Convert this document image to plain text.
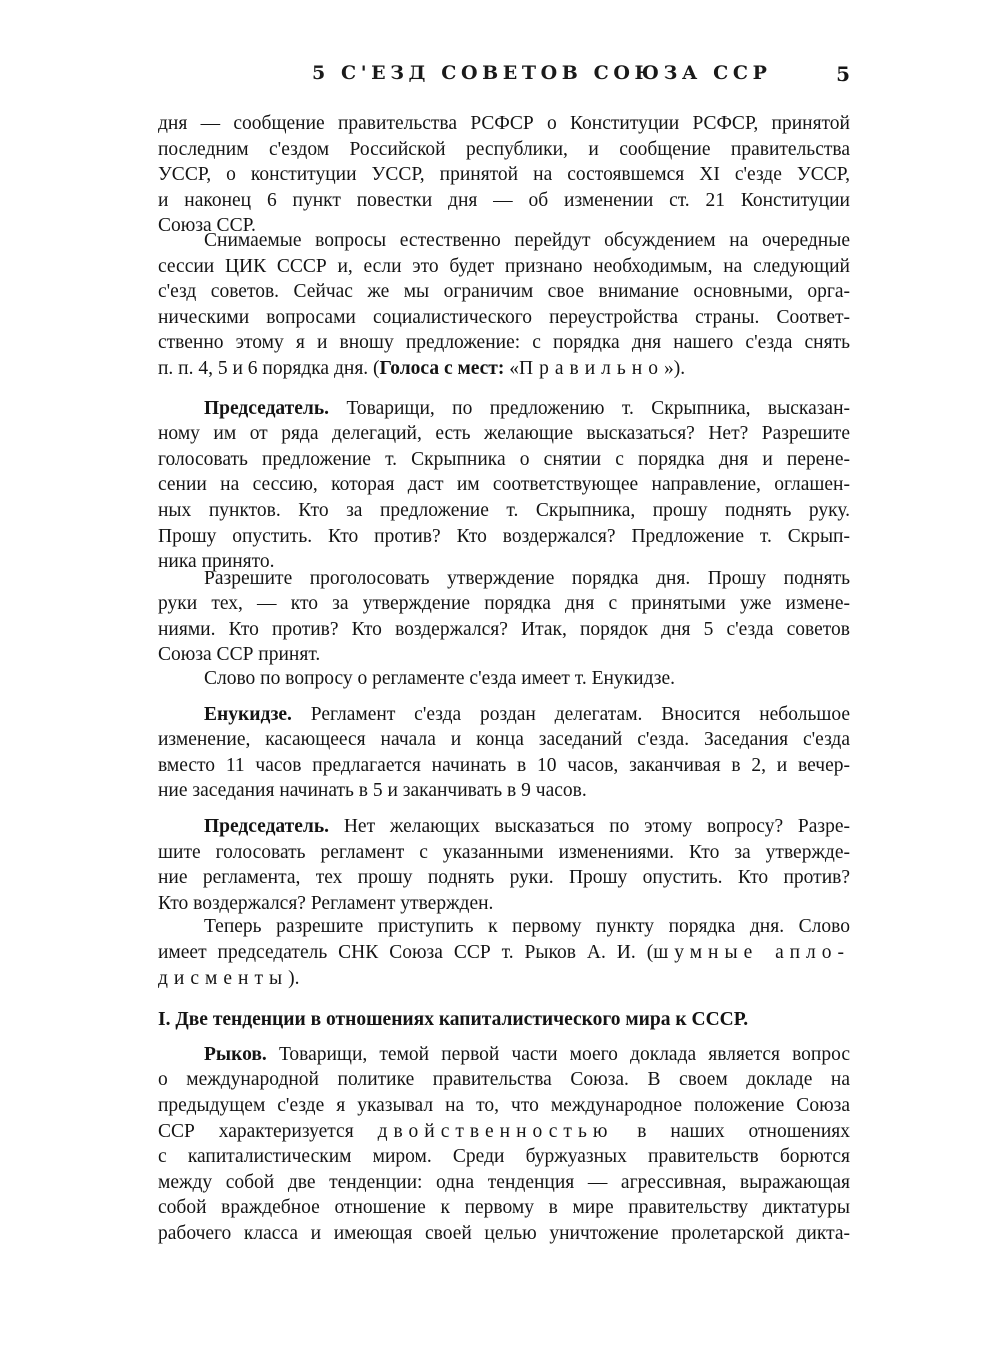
5 С'ЕЗД СОВЕТОВ СОЮЗА ССР	5
дня — сообщение правительства РСФСР о Конституции РСФСР, принятой
последним с'ездом Российской республики, и сообщение правительства
УССР, о конституции УССР, принятой на состоявшемся XI с'езде УССР,
и наконец 6 пункт повестки дня — об изменении ст. 21 Конституции
Союза ССР.
Снимаемые вопросы естественно перейдут обсуждением на очередные
сессии ЦИК СССР и, если это будет признано необходимым, на следующий
с'езд советов. Сейчас же мы ограничим свое внимание основными, орга-
ническими вопросами социалистического переустройства страны. Соответ-
ственно этому я и вношу предложение: с порядка дня нашего с'езда снять
п. п. 4, 5 и 6 порядка дня. (Голоса с мест: «Правильно»).
Председатель. Товарищи, по предложению т. Скрыпника, высказан-
ному им от ряда делегаций, есть желающие высказаться? Нет? Разрешите
голосовать предложение т. Скрыпника о снятии с порядка дня и перене-
сении на сессию, которая даст им соответствующее направление, оглашен-
ных пунктов. Кто за предложение т. Скрыпника, прошу поднять руку.
Прошу опустить. Кто против? Кто воздержался? Предложение т. Скрып-
ника принято.
Разрешите проголосовать утверждение порядка дня. Прошу поднять
руки тех, — кто за утверждение порядка дня с принятыми уже измене-
ниями. Кто против? Кто воздержался? Итак, порядок дня 5 с'езда советов
Союза ССР принят.
Слово по вопросу о регламенте с'езда имеет т. Енукидзе.
Енукидзе. Регламент с'езда роздан делегатам. Вносится небольшое
изменение, касающееся начала и конца заседаний с'езда. Заседания с'езда
вместо 11 часов предлагается начинать в 10 часов, заканчивая в 2, и вечер-
ние заседания начинать в 5 и заканчивать в 9 часов.
Председатель. Нет желающих высказаться по этому вопросу? Разре-
шите голосовать регламент с указанными изменениями. Кто за утвержде-
ние регламента, тех прошу поднять руки. Прошу опустить. Кто против?
Кто воздержался? Регламент утвержден.
Теперь разрешите приступить к первому пункту порядка дня. Слово
имеет председатель СНК Союза ССР т. Рыков А. И. (шумные апло-
дисменты).
I. Две тенденции в отношениях капиталистического мира к СССР.
Рыков. Товарищи, темой первой части моего доклада является вопрос
о международной политике правительства Союза. В своем докладе на
предыдущем с'езде я указывал на то, что международное положение Союза
ССР характеризуется двойственностью в наших отношениях
с капиталистическим миром. Среди буржуазных правительств борются
между собой две тенденции: одна тенденция — агрессивная, выражающая
собой враждебное отношение к первому в мире правительству диктатуры
рабочего класса и имеющая своей целью уничтожение пролетарской дикта-
